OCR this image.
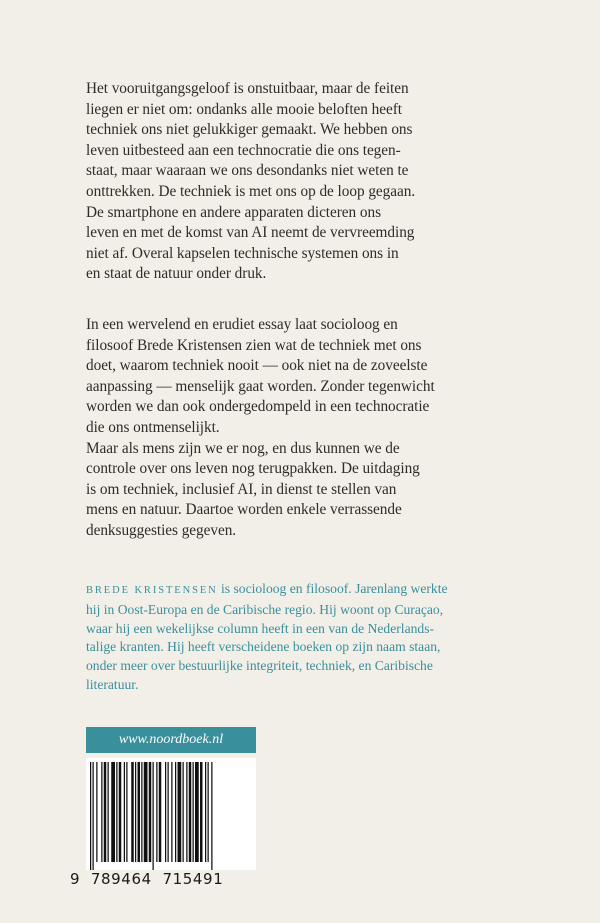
Het vooruitgangsgeloof is onstuitbaar, maar de feiten

liegen er niet om: ondanks alle mooie beloften heeft

techniek ons niet gelukkiger gemaakt. We hebben ons

leven uitbesteed aan een technocratie die ons tegen-

staat, maar waaraan we ons desondanks niet weten te

onttrekken. De techniek is met ons op de loop gegaan.

De smartphone en andere apparaten dicteren ons

leven en met de komst van AI neemt de vervreemding

niet af. Overal kapselen technische systemen ons in

en staat de natuur onder druk.

In een wervelend en erudiet essay laat socioloog en

filosoof Brede Kristensen zien wat de techniek met ons

doet, waarom techniek nooit — ook niet na de zoveelste

aanpassing — menselijk gaat worden. Zonder tegenwicht

worden we dan ook ondergedompeld in een technocratie

die ons ontmenselijkt.

Maar als mens zijn we er nog, en dus kunnen we de

controle over ons leven nog terugpakken. De uitdaging

is om techniek, inclusief AI, in dienst te stellen van

mens en natuur. Daartoe worden enkele verrassende

denksuggesties gegeven.

BREDE KRISTENSEN is socioloog en filosoof. Jarenlang werkte
hij in Oost-Europa en de Caribische regio. Hij woont op Curaçao,
waar hij een wekelijkse column heeft in een van de Nederlands-
talige kranten. Hij heeft verscheidene boeken op zijn naam staan,
onder meer over bestuurlijke integriteit, techniek, en Caribische
literatuur.
www.noordboek.nl
9  789464  715491
